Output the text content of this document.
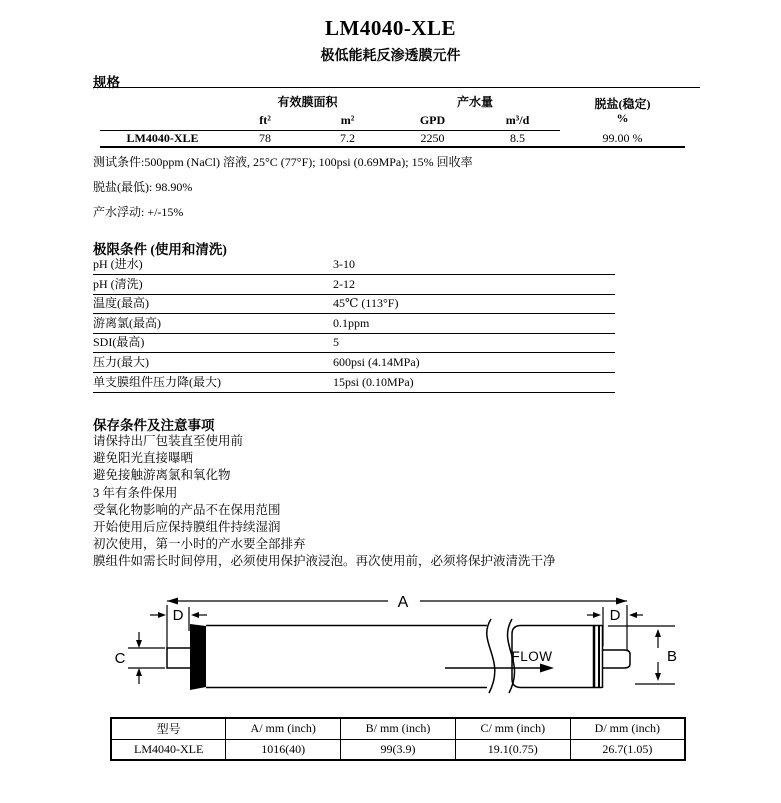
LM4040-XLE
极低能耗反渗透膜元件
规格
	有效膜面积		产水量		脱盐(稳定)
%

	ft²	m²	GPD	m³/d	
LM4040-XLE	78	7.2	2250	8.5	99.00 %
测试条件:500ppm (NaCl) 溶液, 25°C (77°F); 100psi (0.69MPa); 15% 回收率
脱盐(最低): 98.90%
产水浮动: +/-15%
极限条件 (使用和清洗)
pH (进水)	3-10
pH (清洗)	2-12
温度(最高)	45℃ (113°F)
游离氯(最高)	0.1ppm
SDI(最高)	5
压力(最大)	600psi (4.14MPa)
单支膜组件压力降(最大)	15psi (0.10MPa)
保存条件及注意事项
请保持出厂包装直至使用前
避免阳光直接曝晒
避免接触游离氯和氧化物
3 年有条件保用
受氧化物影响的产品不在保用范围
开始使用后应保持膜组件持续湿润
初次使用，第一小时的产水要全部排弃
膜组件如需长时间停用，必须使用保护液浸泡。再次使用前，必须将保护液清洗干净
A
D	D
C	B
FLOW
型号	A/ mm (inch)	B/ mm (inch)	C/ mm (inch)	D/ mm (inch)
LM4040-XLE	1016(40)	99(3.9)	19.1(0.75)	26.7(1.05)
